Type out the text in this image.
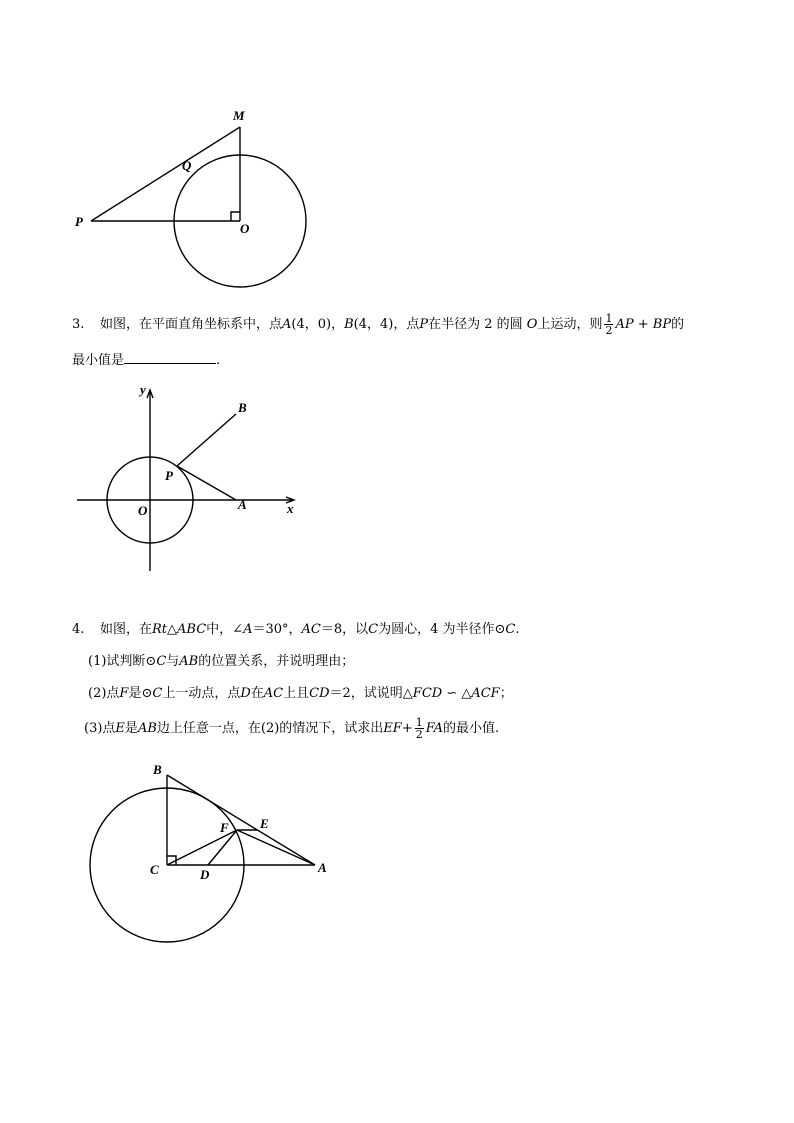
M
Q
P	O
3. 如图，在平面直角坐标系中，点A(4，0)，B(4，4)，点P在半径为 2 的圆 O上运动，则 $\frac{1}{2}$ AP + BP的
最小值是	.
y
x
B
P
O	A
4. 如图，在Rt△ABC中，∠A＝30°，AC＝8，以C为圆心，4 为半径作⊙C.
(1)试判断⊙C与AB的位置关系，并说明理由；
(2)点F是⊙C上一动点，点D在AC上且CD＝2，试说明△FCD ∽ △ACF；
(3)点E是AB边上任意一点，在(2)的情况下，试求出$EF+ \frac{1}{2}$ FA的最小值.
B
F E
C	D	A
